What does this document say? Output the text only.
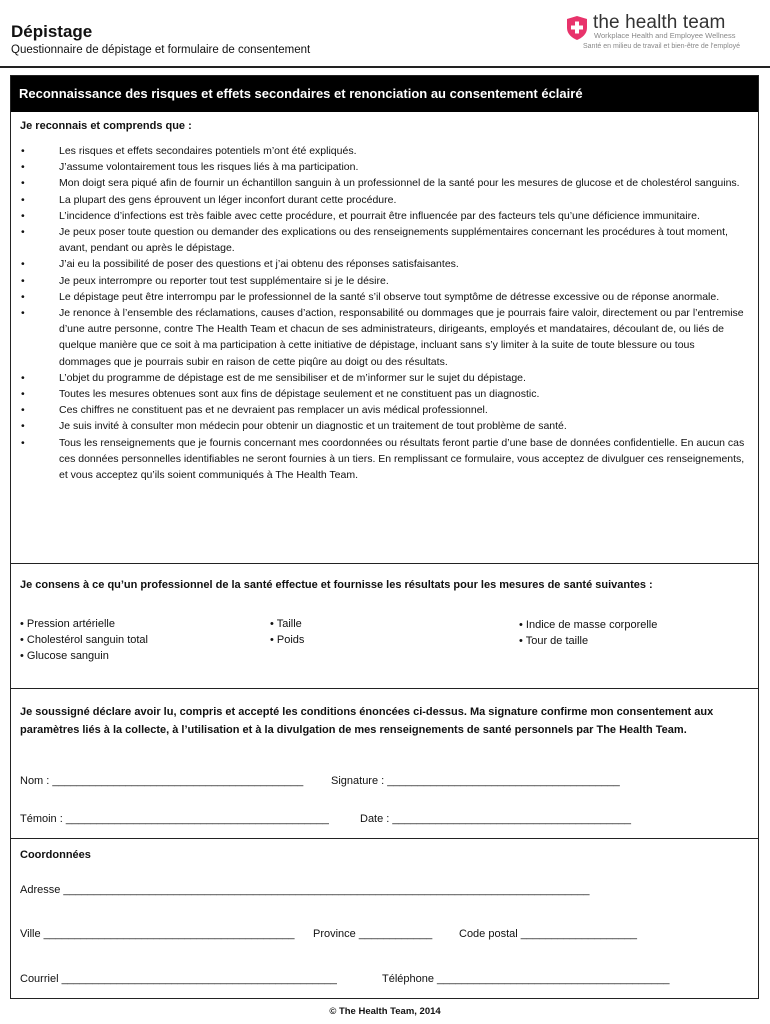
Dépistage
Questionnaire de dépistage et formulaire de consentement
the health team
Workplace Health and Employee Wellness
Santé en milieu de travail et bien-être de l'employé
Reconnaissance des risques et effets secondaires et renonciation au consentement éclairé
Je reconnais et comprends que :
• Les risques et effets secondaires potentiels m’ont été expliqués.
• J’assume volontairement tous les risques liés à ma participation.
• Mon doigt sera piqué afin de fournir un échantillon sanguin à un professionnel de la santé pour les mesures de glucose et de cholestérol sanguins.
• La plupart des gens éprouvent un léger inconfort durant cette procédure.
• L’incidence d’infections est très faible avec cette procédure, et pourrait être influencée par des facteurs tels qu’une déficience immunitaire.
• Je peux poser toute question ou demander des explications ou des renseignements supplémentaires concernant les procédures à tout moment, avant, pendant ou après le dépistage.
• J’ai eu la possibilité de poser des questions et j’ai obtenu des réponses satisfaisantes.
• Je peux interrompre ou reporter tout test supplémentaire si je le désire.
• Le dépistage peut être interrompu par le professionnel de la santé s’il observe tout symptôme de détresse excessive ou de réponse anormale.
• Je renonce à l’ensemble des réclamations, causes d’action, responsabilité ou dommages que je pourrais faire valoir, directement ou par l’entremise d’une autre personne, contre The Health Team et chacun de ses administrateurs, dirigeants, employés et mandataires, découlant de, ou liés de quelque manière que ce soit à ma participation à cette initiative de dépistage, incluant sans s’y limiter à la suite de toute blessure ou tous dommages que je pourrais subir en raison de cette piqûre au doigt ou des résultats.
• L’objet du programme de dépistage est de me sensibiliser et de m’informer sur le sujet du dépistage.
• Toutes les mesures obtenues sont aux fins de dépistage seulement et ne constituent pas un diagnostic.
• Ces chiffres ne constituent pas et ne devraient pas remplacer un avis médical professionnel.
• Je suis invité à consulter mon médecin pour obtenir un diagnostic et un traitement de tout problème de santé.
• Tous les renseignements que je fournis concernant mes coordonnées ou résultats feront partie d’une base de données confidentielle. En aucun cas ces données personnelles identifiables ne seront fournies à un tiers. En remplissant ce formulaire, vous acceptez de divulguer ces renseignements, et vous acceptez qu’ils soient communiqués à The Health Team.
Je consens à ce qu’un professionnel de la santé effectue et fournisse les résultats pour les mesures de santé suivantes :
• Pression artérielle
• Cholestérol sanguin total
• Glucose sanguin
• Taille
• Poids
• Indice de masse corporelle
• Tour de taille
Je soussigné déclare avoir lu, compris et accepté les conditions énoncées ci-dessus. Ma signature confirme mon consentement aux paramètres liés à la collecte, à l’utilisation et à la divulgation de mes renseignements de santé personnels par The Health Team.
Nom : _________________________________________	Signature : ______________________________________
Témoin : ___________________________________________	Date : _______________________________________
Coordonnées
Adresse ______________________________________________________________________________________
Ville _________________________________________ Province ____________ Code postal ___________________
Courriel _____________________________________________	Téléphone ______________________________________
© The Health Team, 2014
